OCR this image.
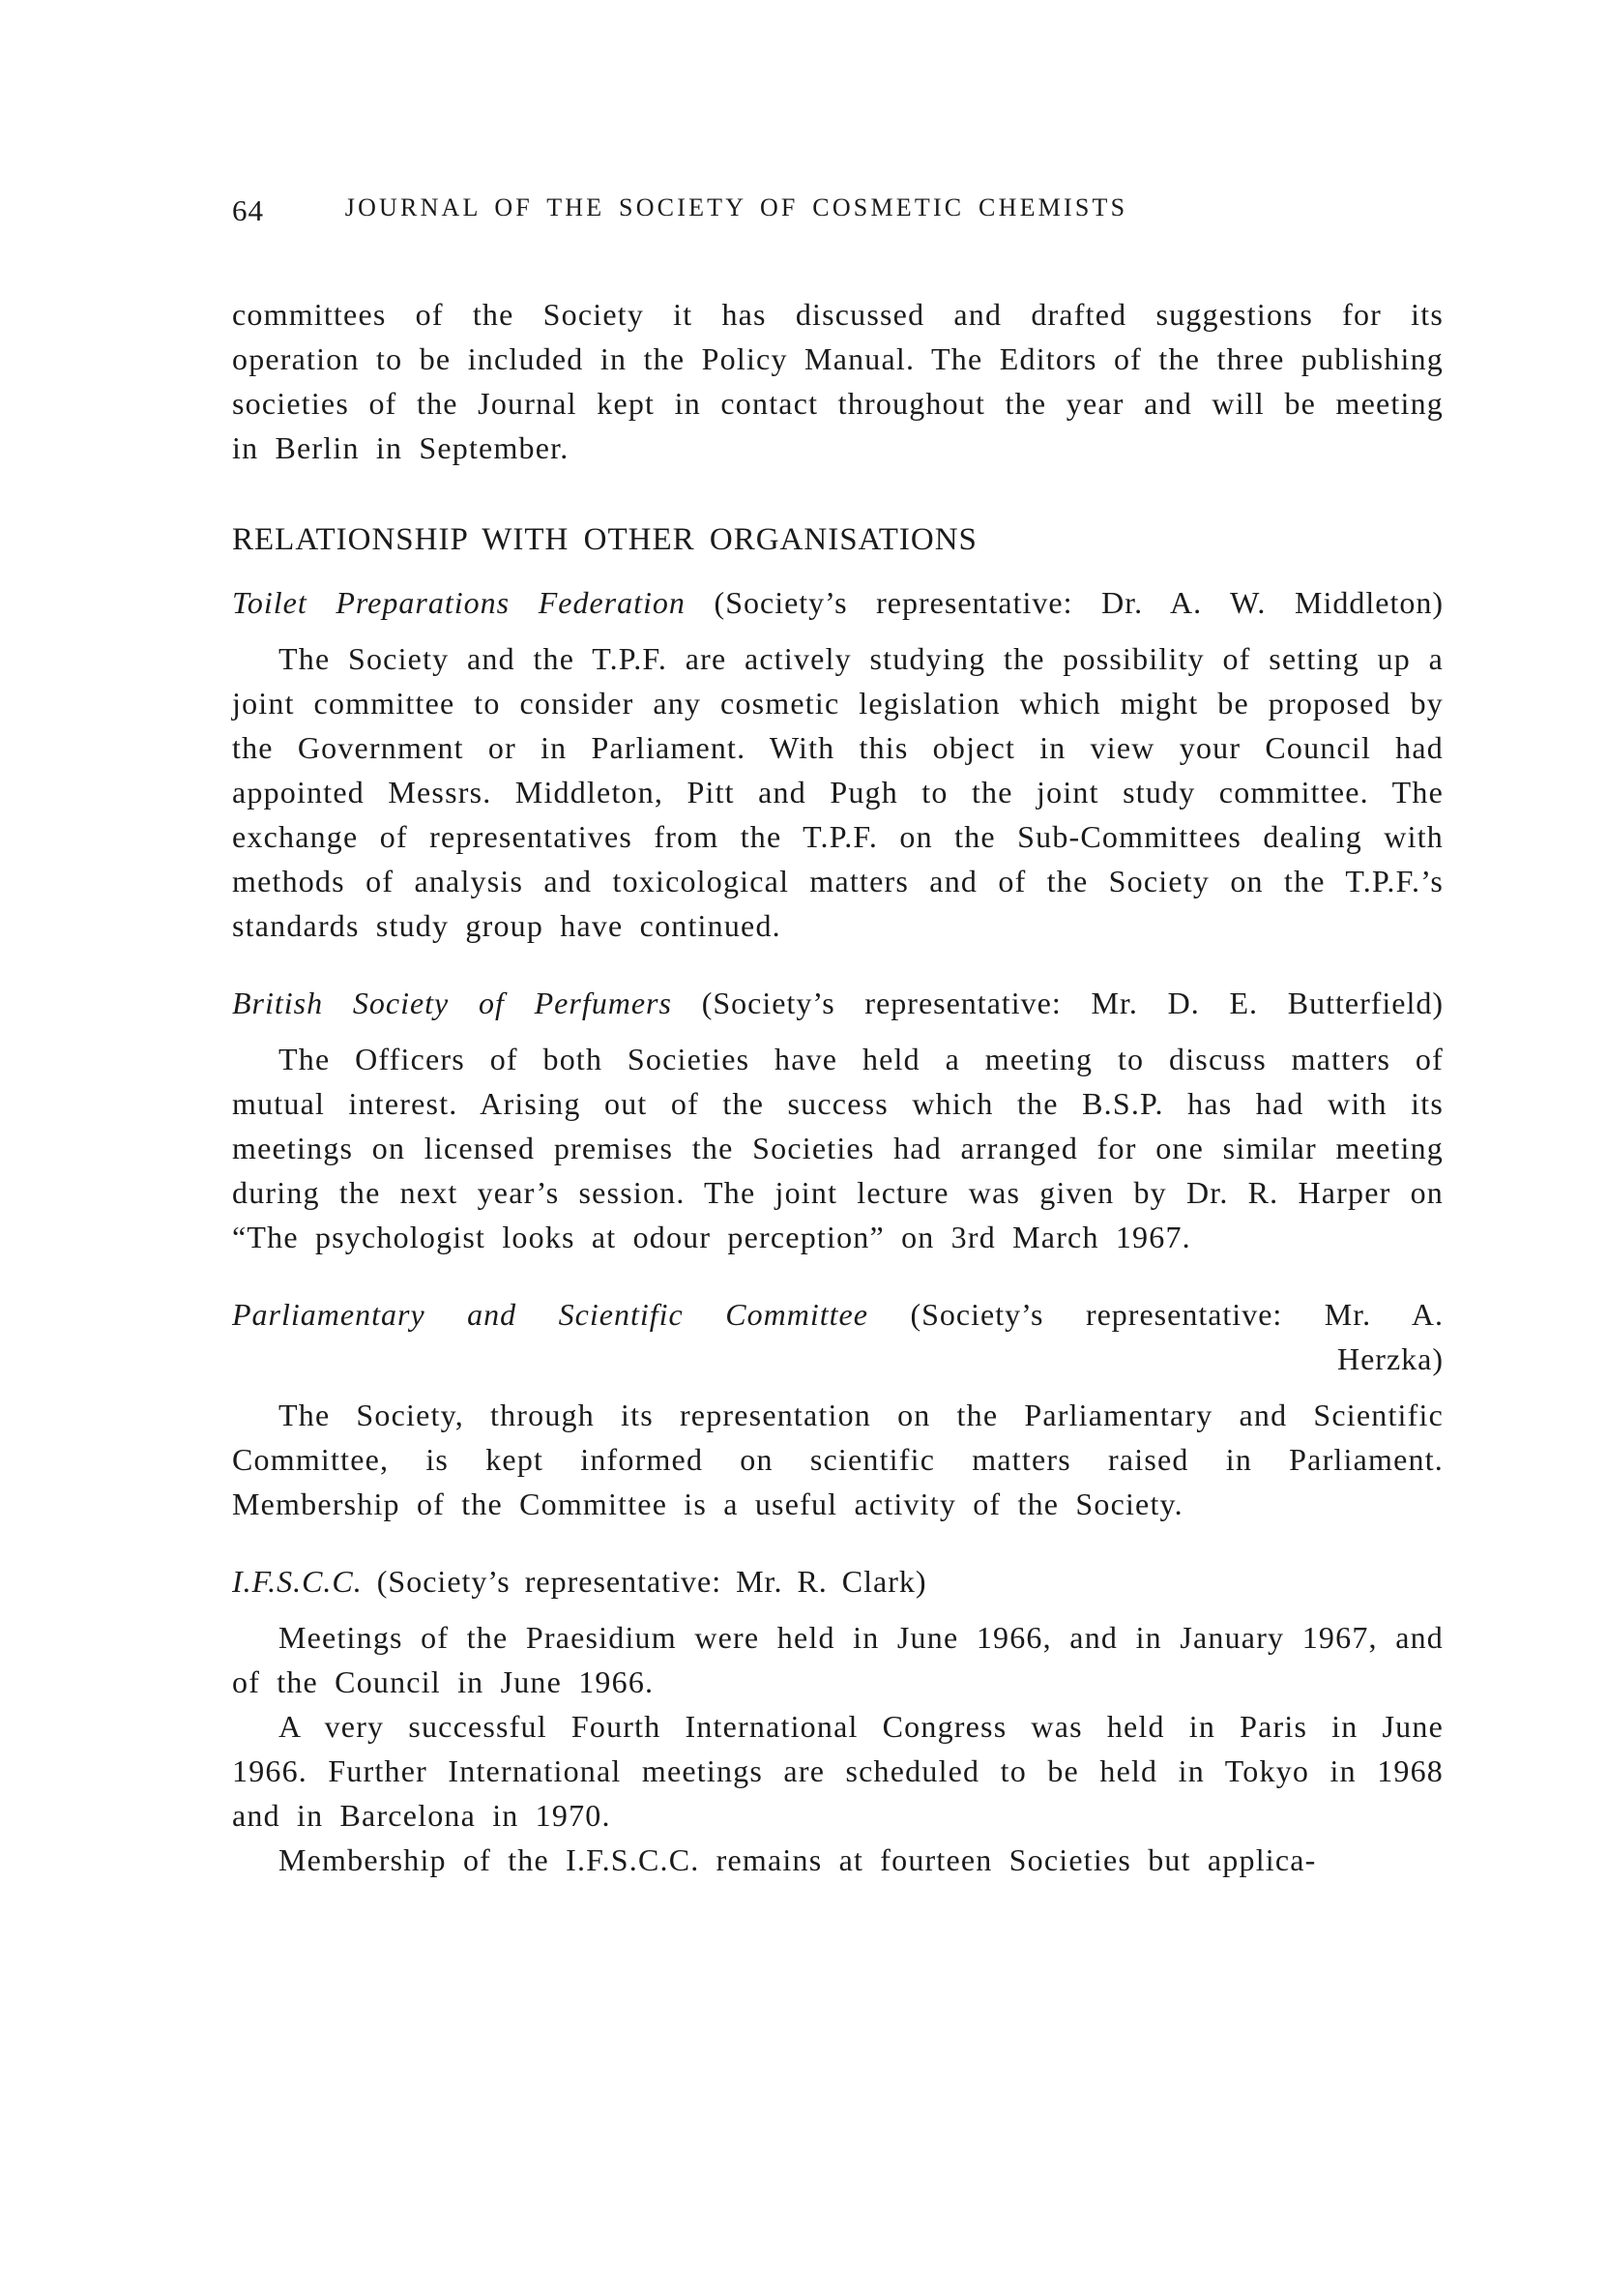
64	JOURNAL OF THE SOCIETY OF COSMETIC CHEMISTS

committees of the Society it has discussed and drafted suggestions for its operation to be included in the Policy Manual. The Editors of the three publishing societies of the Journal kept in contact throughout the year and will be meeting in Berlin in September.

RELATIONSHIP WITH OTHER ORGANISATIONS
Toilet Preparations Federation (Society’s representative: Dr. A. W. Middleton)

The Society and the T.P.F. are actively studying the possibility of setting up a joint committee to consider any cosmetic legislation which might be proposed by the Government or in Parliament. With this object in view your Council had appointed Messrs. Middleton, Pitt and Pugh to the joint study committee. The exchange of representatives from the T.P.F. on the Sub-Committees dealing with methods of analysis and toxicological matters and of the Society on the T.P.F.’s standards study group have continued.

British Society of Perfumers (Society’s representative: Mr. D. E. Butterfield)

The Officers of both Societies have held a meeting to discuss matters of mutual interest. Arising out of the success which the B.S.P. has had with its meetings on licensed premises the Societies had arranged for one similar meeting during the next year’s session. The joint lecture was given by Dr. R. Harper on “The psychologist looks at odour perception” on 3rd March 1967.

Parliamentary and Scientific Committee (Society’s representative: Mr. A.
Herzka)

The Society, through its representation on the Parliamentary and Scientific Committee, is kept informed on scientific matters raised in Parliament. Membership of the Committee is a useful activity of the Society.

I.F.S.C.C. (Society’s representative: Mr. R. Clark)

Meetings of the Praesidium were held in June 1966, and in January 1967, and of the Council in June 1966.

A very successful Fourth International Congress was held in Paris in June 1966. Further International meetings are scheduled to be held in Tokyo in 1968 and in Barcelona in 1970.

Membership of the I.F.S.C.C. remains at fourteen Societies but applica-
